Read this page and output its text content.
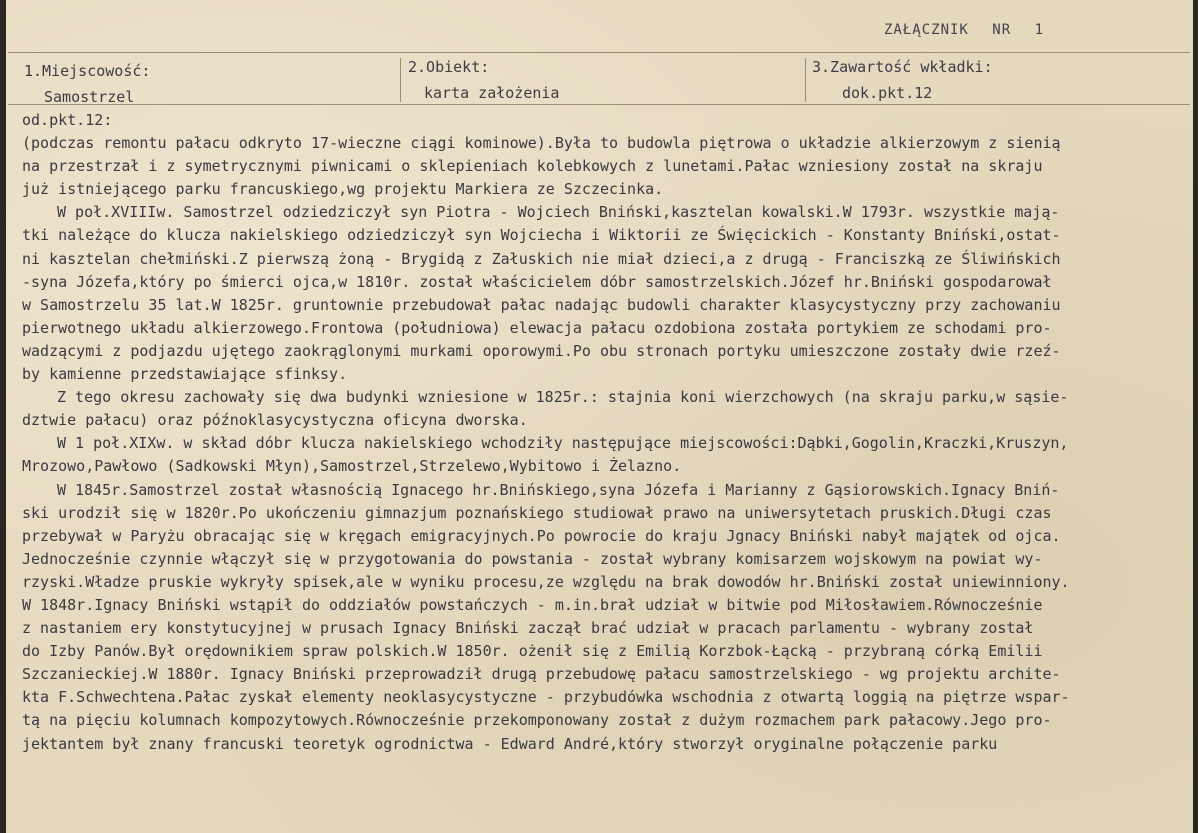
ZAŁĄCZNIK NR 1
1.Miejscowość:
Samostrzel
2.Obiekt:
karta założenia
3.Zawartość wkładki:
dok.pkt.12
od.pkt.12:
(podczas remontu pałacu odkryto 17-wieczne ciągi kominowe).Była to budowla piętrowa o układzie alkierzowym z sienią
na przestrzał i z symetrycznymi piwnicami o sklepieniach kolebkowych z lunetami.Pałac wzniesiony został na skraju
już istniejącego parku francuskiego,wg projektu Markiera ze Szczecinka.
W poł.XVIIIw. Samostrzel odziedziczył syn Piotra - Wojciech Bniński,kasztelan kowalski.W 1793r. wszystkie mają-
tki należące do klucza nakielskiego odziedziczył syn Wojciecha i Wiktorii ze Święcickich - Konstanty Bniński,ostat-
ni kasztelan chełmiński.Z pierwszą żoną - Brygidą z Załuskich nie miał dzieci,a z drugą - Franciszką ze Śliwińskich
-syna Józefa,który po śmierci ojca,w 1810r. został właścicielem dóbr samostrzelskich.Józef hr.Bniński gospodarował
w Samostrzelu 35 lat.W 1825r. gruntownie przebudował pałac nadając budowli charakter klasycystyczny przy zachowaniu
pierwotnego układu alkierzowego.Frontowa (południowa) elewacja pałacu ozdobiona została portykiem ze schodami pro-
wadzącymi z podjazdu ujętego zaokrąglonymi murkami oporowymi.Po obu stronach portyku umieszczone zostały dwie rzeź-
by kamienne przedstawiające sfinksy.
Z tego okresu zachowały się dwa budynki wzniesione w 1825r.: stajnia koni wierzchowych (na skraju parku,w sąsie-
dztwie pałacu) oraz późnoklasycystyczna oficyna dworska.
W 1 poł.XIXw. w skład dóbr klucza nakielskiego wchodziły następujące miejscowości:Dąbki,Gogolin,Kraczki,Kruszyn,
Mrozowo,Pawłowo (Sadkowski Młyn),Samostrzel,Strzelewo,Wybitowo i Żelazno.
W 1845r.Samostrzel został własnością Ignacego hr.Bnińskiego,syna Józefa i Marianny z Gąsiorowskich.Ignacy Bniń-
ski urodził się w 1820r.Po ukończeniu gimnazjum poznańskiego studiował prawo na uniwersytetach pruskich.Długi czas
przebywał w Paryżu obracając się w kręgach emigracyjnych.Po powrocie do kraju Jgnacy Bniński nabył majątek od ojca.
Jednocześnie czynnie włączył się w przygotowania do powstania - został wybrany komisarzem wojskowym na powiat wy-
rzyski.Władze pruskie wykryły spisek,ale w wyniku procesu,ze względu na brak dowodów hr.Bniński został uniewinniony.
W 1848r.Ignacy Bniński wstąpił do oddziałów powstańczych - m.in.brał udział w bitwie pod Miłosławiem.Równocześnie
z nastaniem ery konstytucyjnej w prusach Ignacy Bniński zaczął brać udział w pracach parlamentu - wybrany został
do Izby Panów.Był orędownikiem spraw polskich.W 1850r. ożenił się z Emilią Korzbok-Łącką - przybraną córką Emilii
Szczanieckiej.W 1880r. Ignacy Bniński przeprowadził drugą przebudowę pałacu samostrzelskiego - wg projektu archite-
kta F.Schwechtena.Pałac zyskał elementy neoklasycystyczne - przybudówka wschodnia z otwartą loggią na piętrze wspar-
tą na pięciu kolumnach kompozytowych.Równocześnie przekomponowany został z dużym rozmachem park pałacowy.Jego pro-
jektantem był znany francuski teoretyk ogrodnictwa - Edward André,który stworzył oryginalne połączenie parku
